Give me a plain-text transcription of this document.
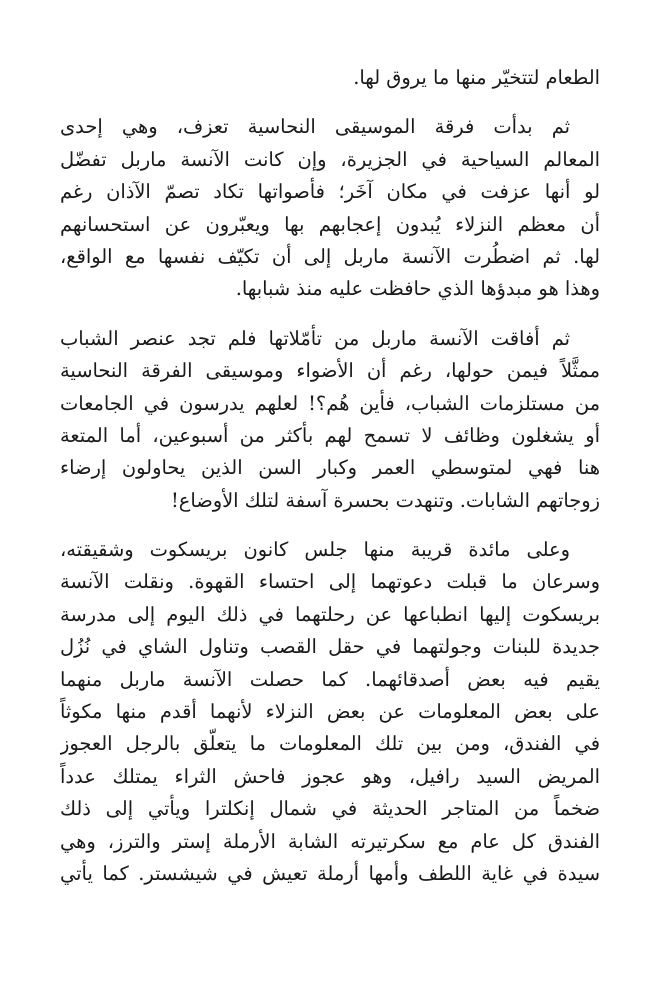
الطعام لتتخيّر منها ما يروق لها.
ثم بدأت فرقة الموسيقى النحاسية تعزف، وهي إحدى
المعالم السياحية في الجزيرة، وإن كانت الآنسة ماربل تفضّل
لو أنها عزفت في مكان آخَر؛ فأصواتها تكاد تصمّ الآذان رغم
أن معظم النزلاء يُبدون إعجابهم بها ويعبّرون عن استحسانهم
لها. ثم اضطُرت الآنسة ماربل إلى أن تكيّف نفسها مع الواقع،
وهذا هو مبدؤها الذي حافظت عليه منذ شبابها.
ثم أفاقت الآنسة ماربل من تأمّلاتها فلم تجد عنصر الشباب
ممثَّلاً فيمن حولها، رغم أن الأضواء وموسيقى الفرقة النحاسية
من مستلزمات الشباب، فأين هُم؟! لعلهم يدرسون في الجامعات
أو يشغلون وظائف لا تسمح لهم بأكثر من أسبوعين، أما المتعة
هنا فهي لمتوسطي العمر وكبار السن الذين يحاولون إرضاء
زوجاتهم الشابات. وتنهدت بحسرة آسفة لتلك الأوضاع!
وعلى مائدة قريبة منها جلس كانون بريسكوت وشقيقته،
وسرعان ما قبلت دعوتهما إلى احتساء القهوة. ونقلت الآنسة
بريسكوت إليها انطباعها عن رحلتهما في ذلك اليوم إلى مدرسة
جديدة للبنات وجولتهما في حقل القصب وتناول الشاي في نُزُل
يقيم فيه بعض أصدقائهما. كما حصلت الآنسة ماربل منهما
على بعض المعلومات عن بعض النزلاء لأنهما أقدم منها مكوثاً
في الفندق، ومن بين تلك المعلومات ما يتعلّق بالرجل العجوز
المريض السيد رافيل، وهو عجوز فاحش الثراء يمتلك عدداً
ضخماً من المتاجر الحديثة في شمال إنكلترا ويأتي إلى ذلك
الفندق كل عام مع سكرتيرته الشابة الأرملة إستر والترز، وهي
سيدة في غاية اللطف وأمها أرملة تعيش في شيشستر. كما يأتي
